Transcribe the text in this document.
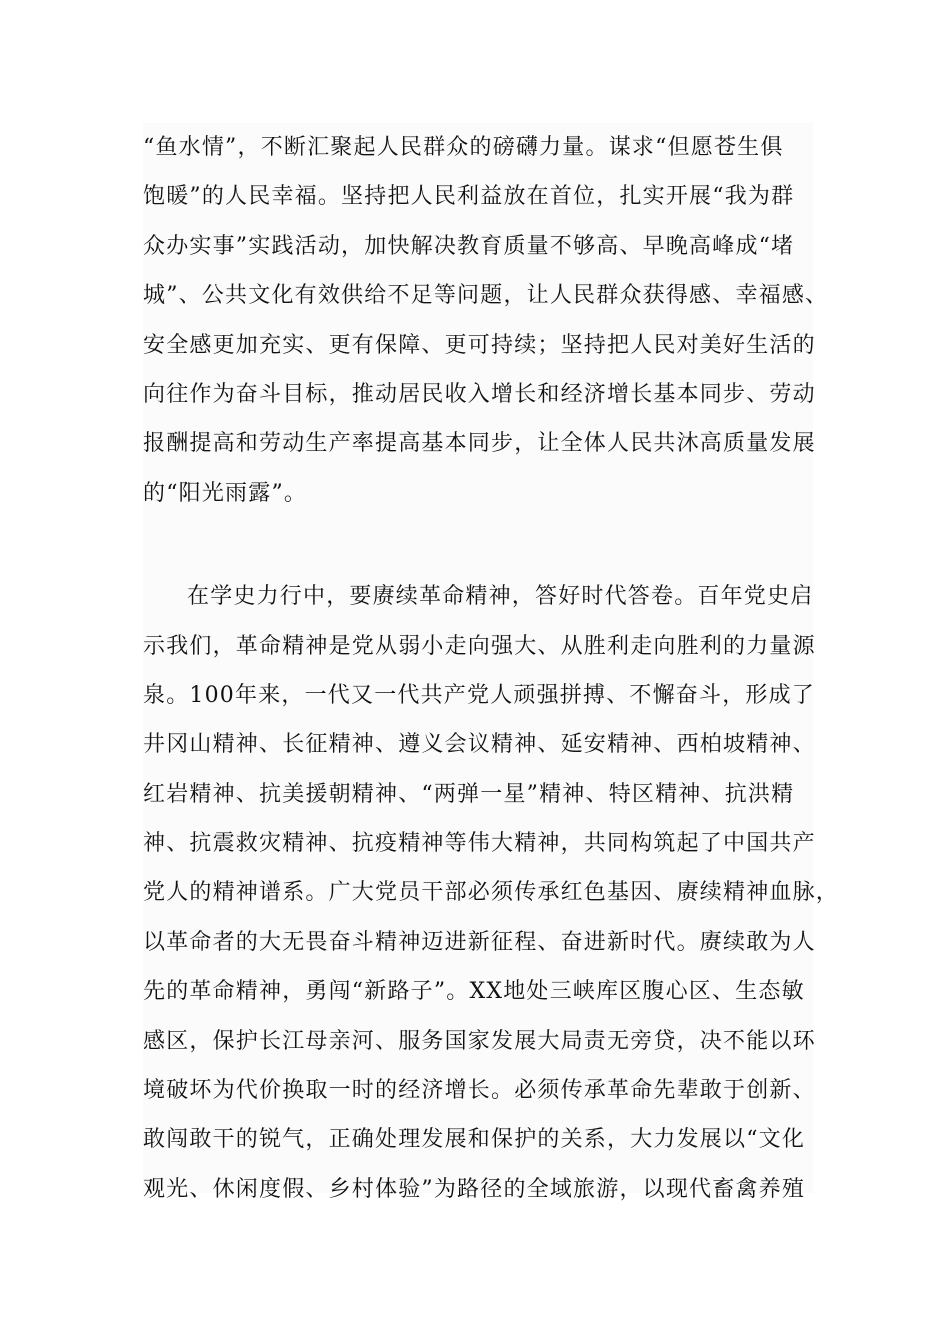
“鱼水情”，不断汇聚起人民群众的磅礴力量。谋求“但愿苍生俱
饱暖”的人民幸福。坚持把人民利益放在首位，扎实开展“我为群
众办实事”实践活动，加快解决教育质量不够高、早晚高峰成“堵
城”、公共文化有效供给不足等问题，让人民群众获得感、幸福感、
安全感更加充实、更有保障、更可持续；坚持把人民对美好生活的
向往作为奋斗目标，推动居民收入增长和经济增长基本同步、劳动
报酬提高和劳动生产率提高基本同步，让全体人民共沐高质量发展
的“阳光雨露”。
在学史力行中，要赓续革命精神，答好时代答卷。百年党史启
示我们，革命精神是党从弱小走向强大、从胜利走向胜利的力量源
泉。100年来，一代又一代共产党人顽强拼搏、不懈奋斗，形成了
井冈山精神、长征精神、遵义会议精神、延安精神、西柏坡精神、
红岩精神、抗美援朝精神、“两弹一星”精神、特区精神、抗洪精
神、抗震救灾精神、抗疫精神等伟大精神，共同构筑起了中国共产
党人的精神谱系。广大党员干部必须传承红色基因、赓续精神血脉，
以革命者的大无畏奋斗精神迈进新征程、奋进新时代。赓续敢为人
先的革命精神，勇闯“新路子”。XX地处三峡库区腹心区、生态敏
感区，保护长江母亲河、服务国家发展大局责无旁贷，决不能以环
境破坏为代价换取一时的经济增长。必须传承革命先辈敢于创新、
敢闯敢干的锐气，正确处理发展和保护的关系，大力发展以“文化
观光、休闲度假、乡村体验”为路径的全域旅游，以现代畜禽养殖
